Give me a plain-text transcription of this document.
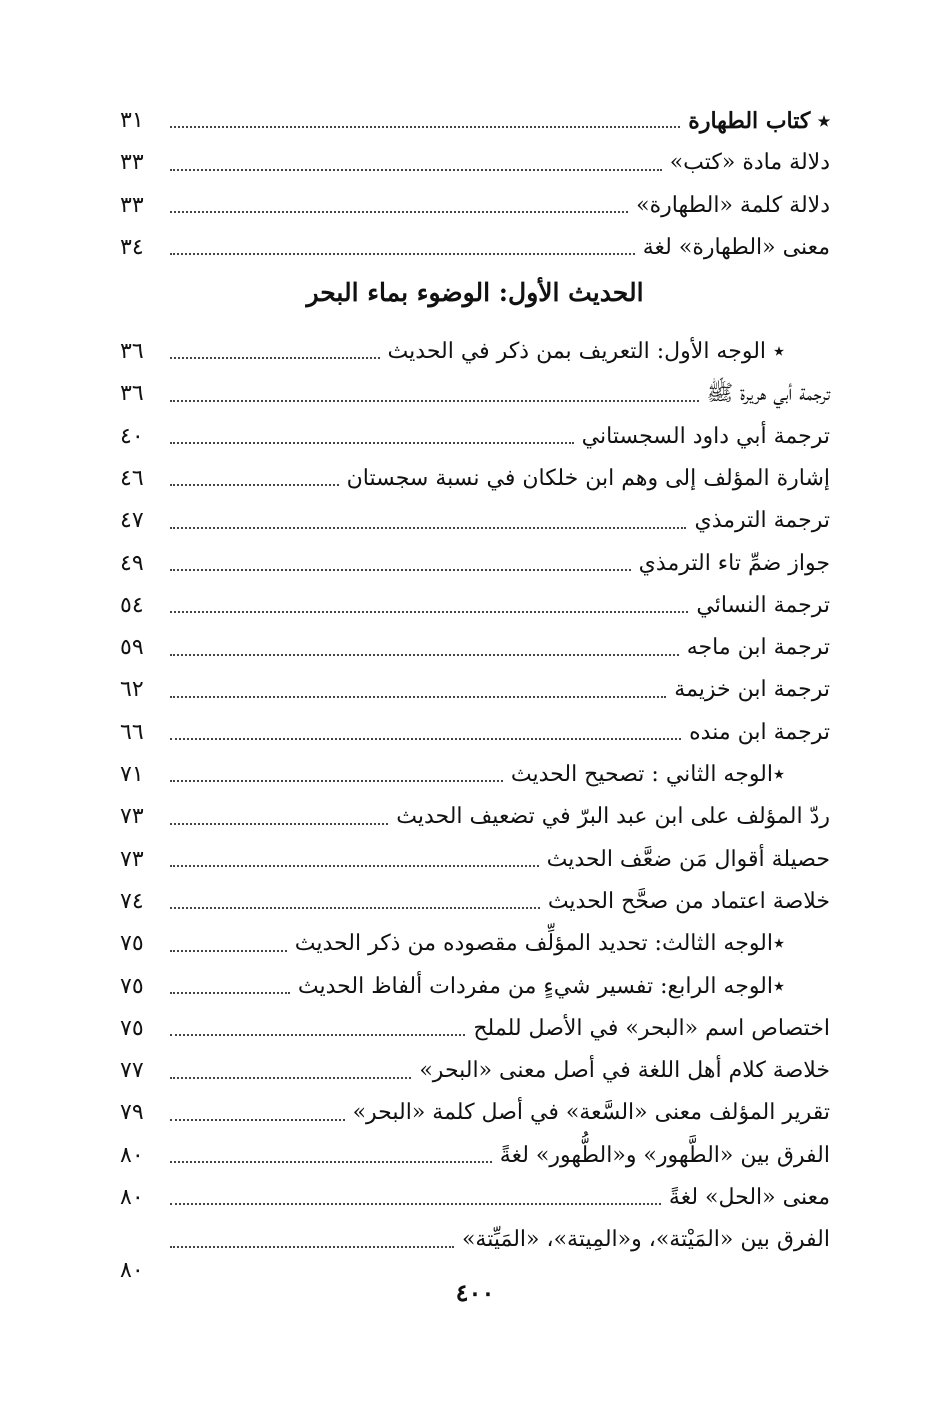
٭ كتاب الطهارة
٣١
دلالة مادة «كتب»
٣٣
دلالة كلمة «الطهارة»
٣٣
معنى «الطهارة» لغة
٣٤
الحديث الأول: الوضوء بماء البحر
٭ الوجه الأول: التعريف بمن ذكر في الحديث
٣٦
ترجمة أبي هريرة ﷺ
٣٦
ترجمة أبي داود السجستاني
٤٠
إشارة المؤلف إلى وهم ابن خلكان في نسبة سجستان
٤٦
ترجمة الترمذي
٤٧
جواز ضمِّ تاء الترمذي
٤٩
ترجمة النسائي
٥٤
ترجمة ابن ماجه
٥٩
ترجمة ابن خزيمة
٦٢
ترجمة ابن منده
٦٦
٭الوجه الثاني : تصحيح الحديث
٧١
ردّ المؤلف على ابن عبد البرّ في تضعيف الحديث
٧٣
حصيلة أقوال مَن ضعَّف الحديث
٧٣
خلاصة اعتماد من صحَّح الحديث
٧٤
٭الوجه الثالث: تحديد المؤلِّف مقصوده من ذكر الحديث
٧٥
٭الوجه الرابع: تفسير شيءٍ من مفردات ألفاظ الحديث
٧٥
اختصاص اسم «البحر» في الأصل للملح
٧٥
خلاصة كلام أهل اللغة في أصل معنى «البحر»
٧٧
تقرير المؤلف معنى «السَّعة» في أصل كلمة «البحر»
٧٩
الفرق بين «الطَّهور» و«الطُّهور» لغةً
٨٠
معنى «الحل» لغةً
٨٠
الفرق بين «المَيْتة»، و«المِيتة»، «المَيِّتة»
٨٠
٤٠٠
